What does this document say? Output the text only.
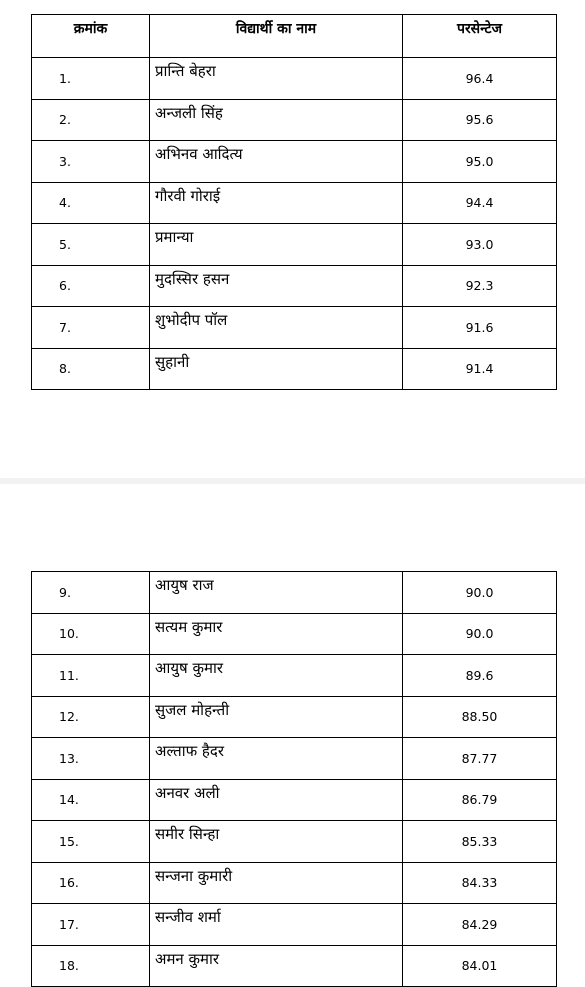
क्रमांक	विद्यार्थी का नाम	परसेन्टेज
1.	प्रान्ति बेहरा	96.4
2.	अन्जली सिंह	95.6
3.	अभिनव आदित्य	95.0
4.	गौरवी गोराई	94.4
5.	प्रमान्या	93.0
6.	मुदस्सिर हसन	92.3
7.	शुभोदीप पॉल	91.6
8.	सुहानी	91.4
9.	आयुष राज	90.0
10.	सत्यम कुमार	90.0
11.	आयुष कुमार	89.6
12.	सुजल मोहन्ती	88.50
13.	अल्ताफ हैदर	87.77
14.	अनवर अली	86.79
15.	समीर सिन्हा	85.33
16.	सन्जना कुमारी	84.33
17.	सन्जीव शर्मा	84.29
18.	अमन कुमार	84.01
